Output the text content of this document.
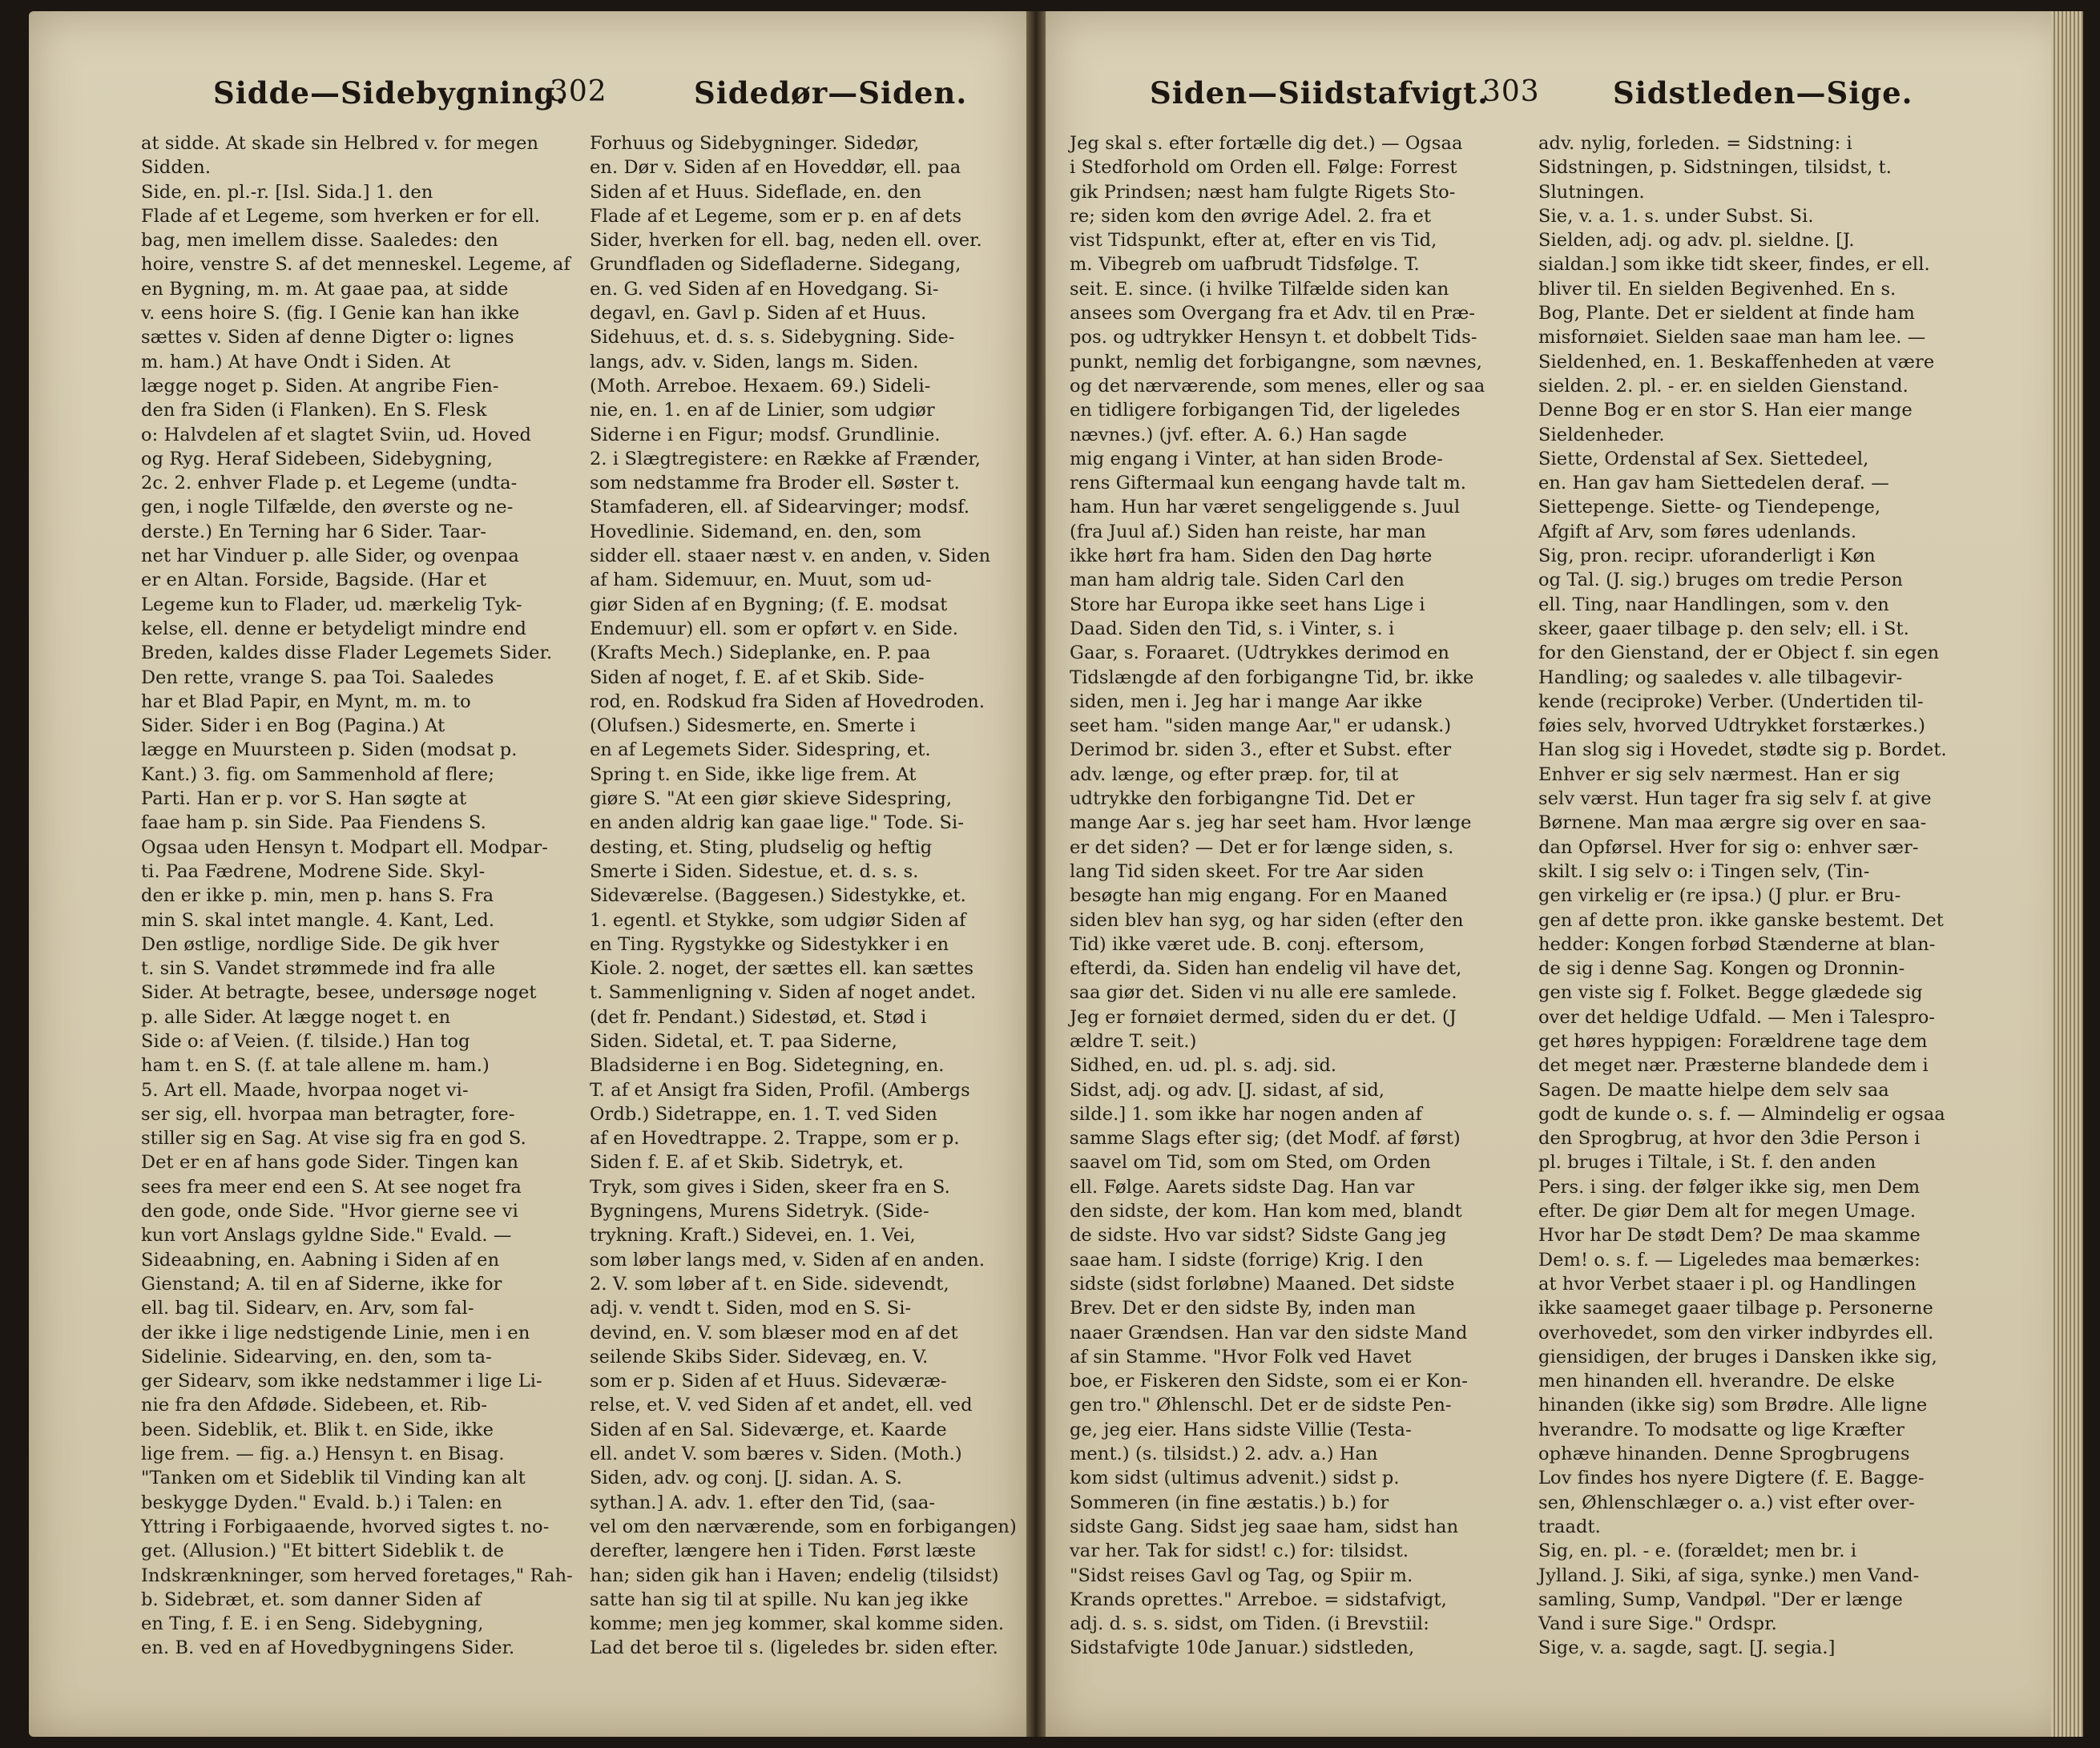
Sidde—Sidebygning.
302	Sidedør—Siden.
at sidde. At skade sin Helbred v. for megen
Sidden.
Side, en. pl.-r. [Isl. Sida.] 1. den
Flade af et Legeme, som hverken er for ell.
bag, men imellem disse. Saaledes: den
hoire, venstre S. af det menneskel. Legeme, af
en Bygning, m. m. At gaae paa, at sidde
v. eens hoire S. (fig. I Genie kan han ikke
sættes v. Siden af denne Digter o: lignes
m. ham.) At have Ondt i Siden. At
lægge noget p. Siden. At angribe Fien-
den fra Siden (i Flanken). En S. Flesk
o: Halvdelen af et slagtet Sviin, ud. Hoved
og Ryg. Heraf Sidebeen, Sidebygning,
2c. 2. enhver Flade p. et Legeme (undta-
gen, i nogle Tilfælde, den øverste og ne-
derste.) En Terning har 6 Sider. Taar-
net har Vinduer p. alle Sider, og ovenpaa
er en Altan. Forside, Bagside. (Har et
Legeme kun to Flader, ud. mærkelig Tyk-
kelse, ell. denne er betydeligt mindre end
Breden, kaldes disse Flader Legemets Sider.
Den rette, vrange S. paa Toi. Saaledes
har et Blad Papir, en Mynt, m. m. to
Sider. Sider i en Bog (Pagina.) At
lægge en Muursteen p. Siden (modsat p.
Kant.) 3. fig. om Sammenhold af flere;
Parti. Han er p. vor S. Han søgte at
faae ham p. sin Side. Paa Fiendens S.
Ogsaa uden Hensyn t. Modpart ell. Modpar-
ti. Paa Fædrene, Modrene Side. Skyl-
den er ikke p. min, men p. hans S. Fra
min S. skal intet mangle. 4. Kant, Led.
Den østlige, nordlige Side. De gik hver
t. sin S. Vandet strømmede ind fra alle
Sider. At betragte, besee, undersøge noget
p. alle Sider. At lægge noget t. en
Side o: af Veien. (f. tilside.) Han tog
ham t. en S. (f. at tale allene m. ham.)
5. Art ell. Maade, hvorpaa noget vi-
ser sig, ell. hvorpaa man betragter, fore-
stiller sig en Sag. At vise sig fra en god S.
Det er en af hans gode Sider. Tingen kan
sees fra meer end een S. At see noget fra
den gode, onde Side. "Hvor gierne see vi
kun vort Anslags gyldne Side." Evald. —
Sideaabning, en. Aabning i Siden af en
Gienstand; A. til en af Siderne, ikke for
ell. bag til. Sidearv, en. Arv, som fal-
der ikke i lige nedstigende Linie, men i en
Sidelinie. Sidearving, en. den, som ta-
ger Sidearv, som ikke nedstammer i lige Li-
nie fra den Afdøde. Sidebeen, et. Rib-
been. Sideblik, et. Blik t. en Side, ikke
lige frem. — fig. a.) Hensyn t. en Bisag.
"Tanken om et Sideblik til Vinding kan alt
beskygge Dyden." Evald. b.) i Talen: en
Yttring i Forbigaaende, hvorved sigtes t. no-
get. (Allusion.) "Et bittert Sideblik t. de
Indskrænkninger, som herved foretages," Rah-
b. Sidebræt, et. som danner Siden af
en Ting, f. E. i en Seng. Sidebygning,
en. B. ved en af Hovedbygningens Sider.
Forhuus og Sidebygninger. Sidedør,
en. Dør v. Siden af en Hoveddør, ell. paa
Siden af et Huus. Sideflade, en. den
Flade af et Legeme, som er p. en af dets
Sider, hverken for ell. bag, neden ell. over.
Grundfladen og Sidefladerne. Sidegang,
en. G. ved Siden af en Hovedgang. Si-
degavl, en. Gavl p. Siden af et Huus.
Sidehuus, et. d. s. s. Sidebygning. Side-
langs, adv. v. Siden, langs m. Siden.
(Moth. Arreboe. Hexaem. 69.) Sideli-
nie, en. 1. en af de Linier, som udgiør
Siderne i en Figur; modsf. Grundlinie.
2. i Slægtregistere: en Række af Frænder,
som nedstamme fra Broder ell. Søster t.
Stamfaderen, ell. af Sidearvinger; modsf.
Hovedlinie. Sidemand, en. den, som
sidder ell. staaer næst v. en anden, v. Siden
af ham. Sidemuur, en. Muut, som ud-
giør Siden af en Bygning; (f. E. modsat
Endemuur) ell. som er opført v. en Side.
(Krafts Mech.) Sideplanke, en. P. paa
Siden af noget, f. E. af et Skib. Side-
rod, en. Rodskud fra Siden af Hovedroden.
(Olufsen.) Sidesmerte, en. Smerte i
en af Legemets Sider. Sidespring, et.
Spring t. en Side, ikke lige frem. At
giøre S. "At een giør skieve Sidespring,
en anden aldrig kan gaae lige." Tode. Si-
desting, et. Sting, pludselig og heftig
Smerte i Siden. Sidestue, et. d. s. s.
Sideværelse. (Baggesen.) Sidestykke, et.
1. egentl. et Stykke, som udgiør Siden af
en Ting. Rygstykke og Sidestykker i en
Kiole. 2. noget, der sættes ell. kan sættes
t. Sammenligning v. Siden af noget andet.
(det fr. Pendant.) Sidestød, et. Stød i
Siden. Sidetal, et. T. paa Siderne,
Bladsiderne i en Bog. Sidetegning, en.
T. af et Ansigt fra Siden, Profil. (Ambergs
Ordb.) Sidetrappe, en. 1. T. ved Siden
af en Hovedtrappe. 2. Trappe, som er p.
Siden f. E. af et Skib. Sidetryk, et.
Tryk, som gives i Siden, skeer fra en S.
Bygningens, Murens Sidetryk. (Side-
trykning. Kraft.) Sidevei, en. 1. Vei,
som løber langs med, v. Siden af en anden.
2. V. som løber af t. en Side. sidevendt,
adj. v. vendt t. Siden, mod en S. Si-
devind, en. V. som blæser mod en af det
seilende Skibs Sider. Sidevæg, en. V.
som er p. Siden af et Huus. Sideværæ-
relse, et. V. ved Siden af et andet, ell. ved
Siden af en Sal. Sideværge, et. Kaarde
ell. andet V. som bæres v. Siden. (Moth.)
Siden, adv. og conj. [J. sidan. A. S.
sythan.] A. adv. 1. efter den Tid, (saa-
vel om den nærværende, som en forbigangen)
derefter, længere hen i Tiden. Først læste
han; siden gik han i Haven; endelig (tilsidst)
satte han sig til at spille. Nu kan jeg ikke
komme; men jeg kommer, skal komme siden.
Lad det beroe til s. (ligeledes br. siden efter.
Siden—Siidstafvigt.
303 Sidstleden—Sige.
Jeg skal s. efter fortælle dig det.) — Ogsaa
i Stedforhold om Orden ell. Følge: Forrest
gik Prindsen; næst ham fulgte Rigets Sto-
re; siden kom den øvrige Adel. 2. fra et
vist Tidspunkt, efter at, efter en vis Tid,
m. Vibegreb om uafbrudt Tidsfølge. T.
seit. E. since. (i hvilke Tilfælde siden kan
ansees som Overgang fra et Adv. til en Præ-
pos. og udtrykker Hensyn t. et dobbelt Tids-
punkt, nemlig det forbigangne, som nævnes,
og det nærværende, som menes, eller og saa
en tidligere forbigangen Tid, der ligeledes
nævnes.) (jvf. efter. A. 6.) Han sagde
mig engang i Vinter, at han siden Brode-
rens Giftermaal kun eengang havde talt m.
ham. Hun har været sengeliggende s. Juul
(fra Juul af.) Siden han reiste, har man
ikke hørt fra ham. Siden den Dag hørte
man ham aldrig tale. Siden Carl den
Store har Europa ikke seet hans Lige i
Daad. Siden den Tid, s. i Vinter, s. i
Gaar, s. Foraaret. (Udtrykkes derimod en
Tidslængde af den forbigangne Tid, br. ikke
siden, men i. Jeg har i mange Aar ikke
seet ham. "siden mange Aar," er udansk.)
Derimod br. siden 3., efter et Subst. efter
adv. længe, og efter præp. for, til at
udtrykke den forbigangne Tid. Det er
mange Aar s. jeg har seet ham. Hvor længe
er det siden? — Det er for længe siden, s.
lang Tid siden skeet. For tre Aar siden
besøgte han mig engang. For en Maaned
siden blev han syg, og har siden (efter den
Tid) ikke været ude. B. conj. eftersom,
efterdi, da. Siden han endelig vil have det,
saa giør det. Siden vi nu alle ere samlede.
Jeg er fornøiet dermed, siden du er det. (J
ældre T. seit.)
Sidhed, en. ud. pl. s. adj. sid.
Sidst, adj. og adv. [J. sidast, af sid,
silde.] 1. som ikke har nogen anden af
samme Slags efter sig; (det Modf. af først)
saavel om Tid, som om Sted, om Orden
ell. Følge. Aarets sidste Dag. Han var
den sidste, der kom. Han kom med, blandt
de sidste. Hvo var sidst? Sidste Gang jeg
saae ham. I sidste (forrige) Krig. I den
sidste (sidst forløbne) Maaned. Det sidste
Brev. Det er den sidste By, inden man
naaer Grændsen. Han var den sidste Mand
af sin Stamme. "Hvor Folk ved Havet
boe, er Fiskeren den Sidste, som ei er Kon-
gen tro." Øhlenschl. Det er de sidste Pen-
ge, jeg eier. Hans sidste Villie (Testa-
ment.) (s. tilsidst.) 2. adv. a.) Han
kom sidst (ultimus advenit.) sidst p.
Sommeren (in fine æstatis.) b.) for
sidste Gang. Sidst jeg saae ham, sidst han
var her. Tak for sidst! c.) for: tilsidst.
"Sidst reises Gavl og Tag, og Spiir m.
Krands oprettes." Arreboe. = sidstafvigt,
adj. d. s. s. sidst, om Tiden. (i Brevstiil:
Sidstafvigte 10de Januar.) sidstleden,
adv. nylig, forleden. = Sidstning: i
Sidstningen, p. Sidstningen, tilsidst, t.
Slutningen.
Sie, v. a. 1. s. under Subst. Si.
Sielden, adj. og adv. pl. sieldne. [J.
sialdan.] som ikke tidt skeer, findes, er ell.
bliver til. En sielden Begivenhed. En s.
Bog, Plante. Det er sieldent at finde ham
misfornøiet. Sielden saae man ham lee. —
Sieldenhed, en. 1. Beskaffenheden at være
sielden. 2. pl. - er. en sielden Gienstand.
Denne Bog er en stor S. Han eier mange
Sieldenheder.
Siette, Ordenstal af Sex. Siettedeel,
en. Han gav ham Siettedelen deraf. —
Siettepenge. Siette- og Tiendepenge,
Afgift af Arv, som føres udenlands.
Sig, pron. recipr. uforanderligt i Køn
og Tal. (J. sig.) bruges om tredie Person
ell. Ting, naar Handlingen, som v. den
skeer, gaaer tilbage p. den selv; ell. i St.
for den Gienstand, der er Object f. sin egen
Handling; og saaledes v. alle tilbagevir-
kende (reciproke) Verber. (Undertiden til-
føies selv, hvorved Udtrykket forstærkes.)
Han slog sig i Hovedet, stødte sig p. Bordet.
Enhver er sig selv nærmest. Han er sig
selv værst. Hun tager fra sig selv f. at give
Børnene. Man maa ærgre sig over en saa-
dan Opførsel. Hver for sig o: enhver sær-
skilt. I sig selv o: i Tingen selv, (Tin-
gen virkelig er (re ipsa.) (J plur. er Bru-
gen af dette pron. ikke ganske bestemt. Det
hedder: Kongen forbød Stænderne at blan-
de sig i denne Sag. Kongen og Dronnin-
gen viste sig f. Folket. Begge glædede sig
over det heldige Udfald. — Men i Talespro-
get høres hyppigen: Forældrene tage dem
det meget nær. Præsterne blandede dem i
Sagen. De maatte hielpe dem selv saa
godt de kunde o. s. f. — Almindelig er ogsaa
den Sprogbrug, at hvor den 3die Person i
pl. bruges i Tiltale, i St. f. den anden
Pers. i sing. der følger ikke sig, men Dem
efter. De giør Dem alt for megen Umage.
Hvor har De stødt Dem? De maa skamme
Dem! o. s. f. — Ligeledes maa bemærkes:
at hvor Verbet staaer i pl. og Handlingen
ikke saameget gaaer tilbage p. Personerne
overhovedet, som den virker indbyrdes ell.
giensidigen, der bruges i Dansken ikke sig,
men hinanden ell. hverandre. De elske
hinanden (ikke sig) som Brødre. Alle ligne
hverandre. To modsatte og lige Kræfter
ophæve hinanden. Denne Sprogbrugens
Lov findes hos nyere Digtere (f. E. Bagge-
sen, Øhlenschlæger o. a.) vist efter over-
traadt.
Sig, en. pl. - e. (forældet; men br. i
Jylland. J. Siki, af siga, synke.) men Vand-
samling, Sump, Vandpøl. "Der er længe
Vand i sure Sige." Ordspr.
Sige, v. a. sagde, sagt. [J. segia.]
